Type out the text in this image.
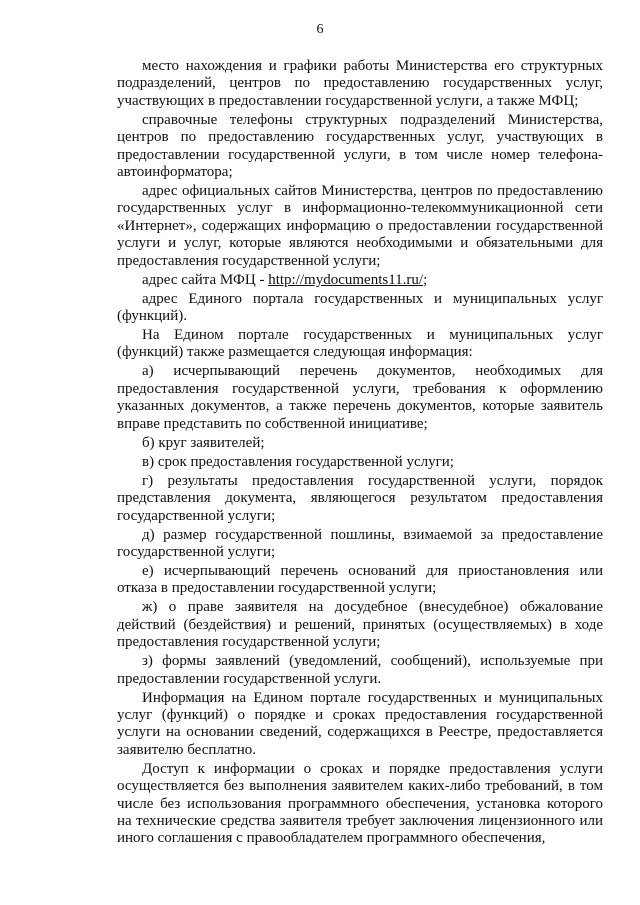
6

место нахождения и графики работы Министерства его структурных подразделений, центров по предоставлению государственных услуг, участвующих в предоставлении государственной услуги, а также МФЦ;

справочные телефоны структурных подразделений Министерства, центров по предоставлению государственных услуг, участвующих в предоставлении государственной услуги, в том числе номер телефона-автоинформатора;

адрес официальных сайтов Министерства, центров по предоставлению государственных услуг в информационно-телекоммуникационной сети «Интернет», содержащих информацию о предоставлении государственной услуги и услуг, которые являются необходимыми и обязательными для предоставления государственной услуги;

адрес сайта МФЦ - http://mydocuments11.ru/;

адрес Единого портала государственных и муниципальных услуг (функций).

На Едином портале государственных и муниципальных услуг (функций) также размещается следующая информация:

а) исчерпывающий перечень документов, необходимых для предоставления государственной услуги, требования к оформлению указанных документов, а также перечень документов, которые заявитель вправе представить по собственной инициативе;

б) круг заявителей;

в) срок предоставления государственной услуги;

г) результаты предоставления государственной услуги, порядок представления документа, являющегося результатом предоставления государственной услуги;

д) размер государственной пошлины, взимаемой за предоставление государственной услуги;

е) исчерпывающий перечень оснований для приостановления или отказа в предоставлении государственной услуги;

ж) о праве заявителя на досудебное (внесудебное) обжалование действий (бездействия) и решений, принятых (осуществляемых) в ходе предоставления государственной услуги;

з) формы заявлений (уведомлений, сообщений), используемые при предоставлении государственной услуги.

Информация на Едином портале государственных и муниципальных услуг (функций) о порядке и сроках предоставления государственной услуги на основании сведений, содержащихся в Реестре, предоставляется заявителю бесплатно.

Доступ к информации о сроках и порядке предоставления услуги осуществляется без выполнения заявителем каких-либо требований, в том числе без использования программного обеспечения, установка которого на технические средства заявителя требует заключения лицензионного или иного соглашения с правообладателем программного обеспечения,
